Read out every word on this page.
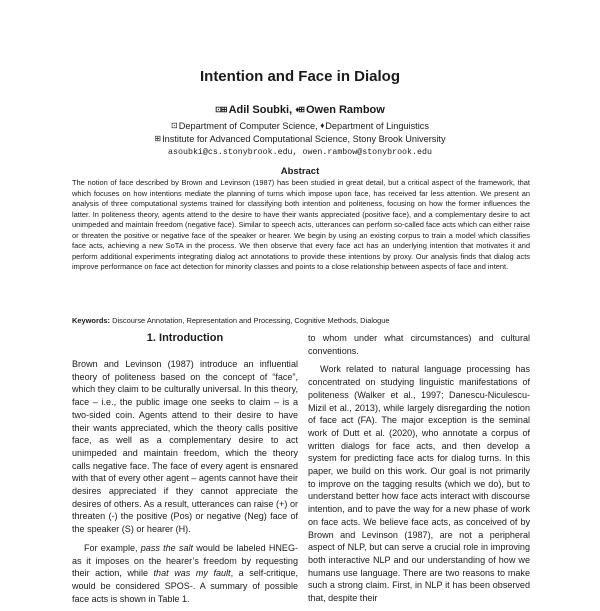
Intention and Face in Dialog
⊡⊞ Adil Soubki, ♦⊞ Owen Rambow
⊡ Department of Computer Science, ♦ Department of Linguistics
⊞ Institute for Advanced Computational Science, Stony Brook University
asoubki@cs.stonybrook.edu, owen.rambow@stonybrook.edu
Abstract
The notion of face described by Brown and Levinson (1987) has been studied in great detail, but a critical aspect of the framework, that which focuses on how intentions mediate the planning of turns which impose upon face, has received far less attention. We present an analysis of three computational systems trained for classifying both intention and politeness, focusing on how the former influences the latter. In politeness theory, agents attend to the desire to have their wants appreciated (positive face), and a complementary desire to act unimpeded and maintain freedom (negative face). Similar to speech acts, utterances can perform so-called face acts which can either raise or threaten the positive or negative face of the speaker or hearer. We begin by using an existing corpus to train a model which classifies face acts, achieving a new SoTA in the process. We then observe that every face act has an underlying intention that motivates it and perform additional experiments integrating dialog act annotations to provide these intentions by proxy. Our analysis finds that dialog acts improve performance on face act detection for minority classes and points to a close relationship between aspects of face and intent.
Keywords: Discourse Annotation, Representation and Processing, Cognitive Methods, Dialogue
1. Introduction

Brown and Levinson (1987) introduce an influential theory of politeness based on the concept of “face”, which they claim to be culturally universal. In this theory, face – i.e., the public image one seeks to claim – is a two-sided coin. Agents attend to their desire to have their wants appreciated, which the theory calls positive face, as well as a complementary desire to act unimpeded and maintain freedom, which the theory calls negative face. The face of every agent is ensnared with that of every other agent – agents cannot have their desires appreciated if they cannot appreciate the desires of others. As a result, utterances can raise (+) or threaten (-) the positive (Pos) or negative (Neg) face of the speaker (S) or hearer (H).

For example, pass the salt would be labeled HNEG- as it imposes on the hearer’s freedom by requesting their action, while that was my fault, a self-critique, would be considered SPOS-. A summary of possible face acts is shown in Table 1.

to whom under what circumstances) and cultural conventions.

Work related to natural language processing has concentrated on studying linguistic manifestations of politeness (Walker et al., 1997; Danescu-Niculescu-Mizil et al., 2013), while largely disregarding the notion of face act (FA). The major exception is the seminal work of Dutt et al. (2020), who annotate a corpus of written dialogs for face acts, and then develop a system for predicting face acts for dialog turns. In this paper, we build on this work. Our goal is not primarily to improve on the tagging results (which we do), but to understand better how face acts interact with discourse intention, and to pave the way for a new phase of work on face acts. We believe face acts, as conceived of by Brown and Levinson (1987), are not a peripheral aspect of NLP, but can serve a crucial role in improving both interactive NLP and our understanding of how we humans use language. There are two reasons to make such a strong claim. First, in NLP it has been observed that, despite their
